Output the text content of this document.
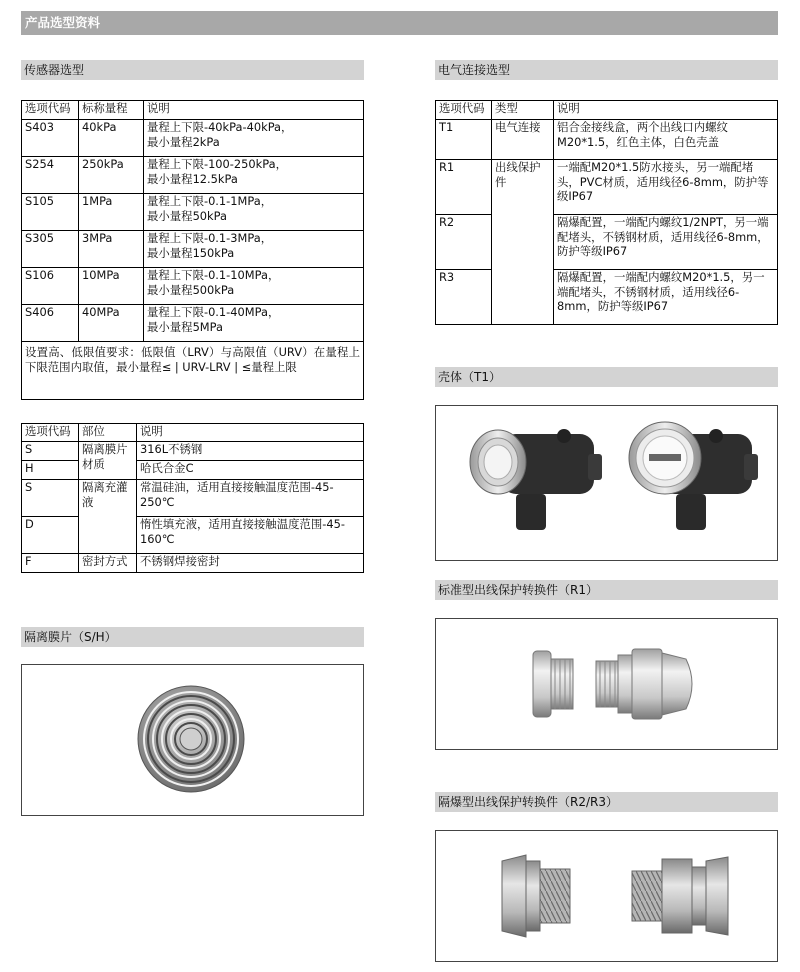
产品选型资料
传感器选型
选项代码	标称量程	说明
S403	40kPa	量程上下限-40kPa-40kPa，
最小量程2kPa

S254	250kPa	量程上下限-100-250kPa，
最小量程12.5kPa

S105	1MPa	量程上下限-0.1-1MPa，
最小量程50kPa

S305	3MPa	量程上下限-0.1-3MPa，
最小量程150kPa

S106	10MPa	量程上下限-0.1-10MPa，
最小量程500kPa

S406	40MPa	量程上下限-0.1-40MPa，
最小量程5MPa

设置高、低限值要求：低限值（LRV）与高限值（URV）在量程上下限范围内取值，最小量程≤ | URV-LRV | ≤量程上限		
选项代码	部位	说明
S	隔离膜片材质	316L不锈钢
H		哈氏合金C
S	隔离充灌液	常温硅油，适用直接接触温度范围-45-250℃
D		惰性填充液，适用直接接触温度范围-45-160℃
F	密封方式	不锈钢焊接密封
隔离膜片（S/H）
电气连接选型
选项代码	类型	说明
T1	电气连接	铝合金接线盒，两个出线口内螺纹M20*1.5，红色主体，白色壳盖
R1	出线保护件	一端配M20*1.5防水接头，另一端配堵头，PVC材质，适用线径6-8mm，防护等级IP67
R2		隔爆配置，一端配内螺纹1/2NPT，另一端配堵头，不锈钢材质，适用线径6-8mm，防护等级IP67
R3		隔爆配置，一端配内螺纹M20*1.5，另一端配堵头，不锈钢材质，适用线径6-8mm，防护等级IP67
壳体（T1）
标准型出线保护转换件（R1）
隔爆型出线保护转换件（R2/R3）
